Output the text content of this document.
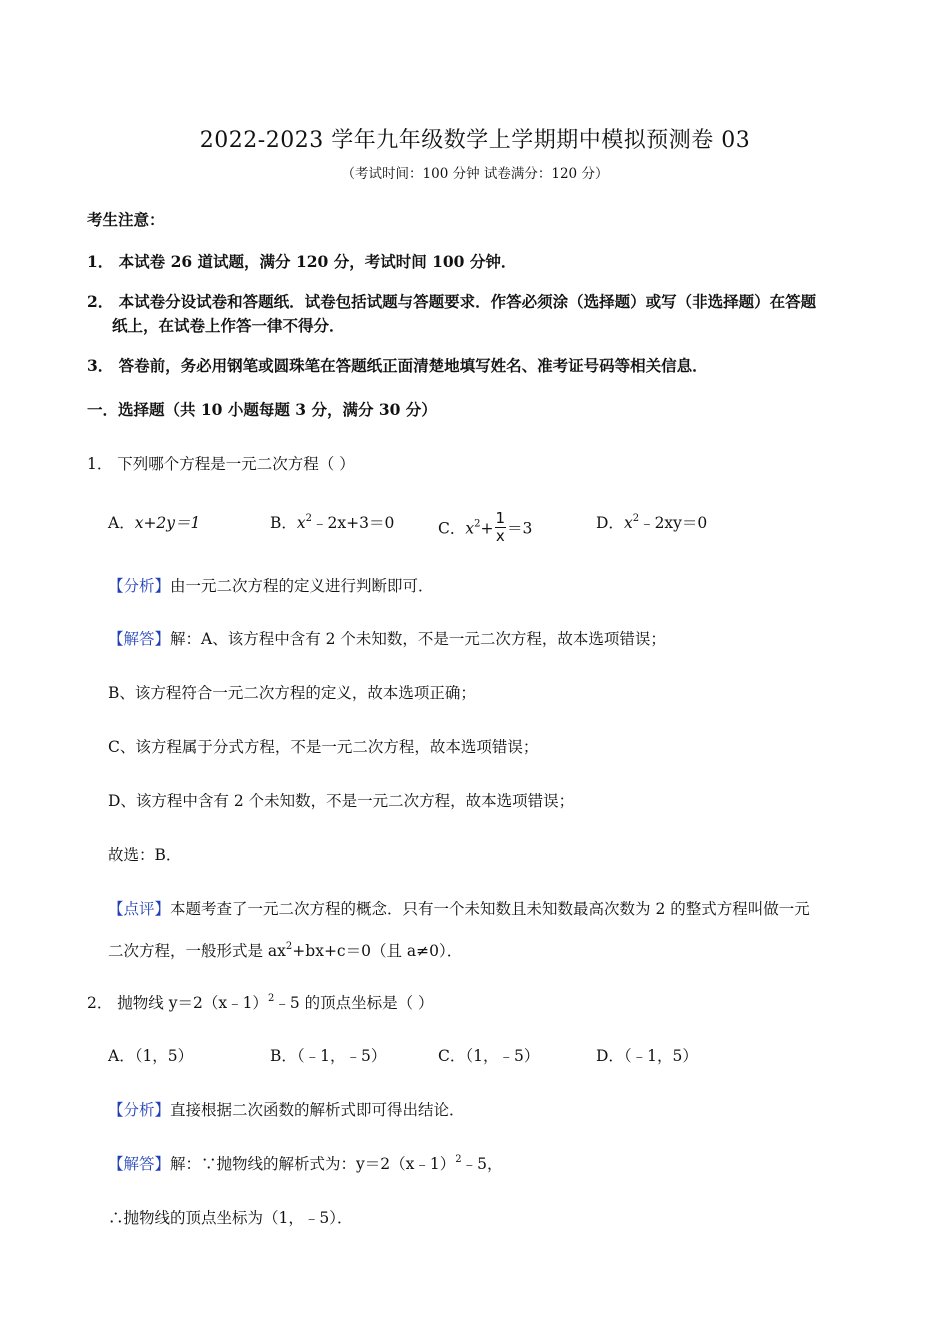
2022-2023 学年九年级数学上学期期中模拟预测卷 03
（考试时间：100 分钟 试卷满分：120 分）
考生注意：
1． 本试卷 26 道试题，满分 120 分，考试时间 100 分钟．
2． 本试卷分设试卷和答题纸．试卷包括试题与答题要求．作答必须涂（选择题）或写（非选择题）在答题
纸上，在试卷上作答一律不得分．
3． 答卷前，务必用钢笔或圆珠笔在答题纸正面清楚地填写姓名、准考证号码等相关信息．
一．选择题（共 10 小题每题 3 分，满分 30 分）
1． 下列哪个方程是一元二次方程（ ）
A．x+2y＝1	B．$x^2﹣2x+3=0$	C．$x^2+ \frac{1}{x} =3$	D．$x^2﹣2xy=0$
【分析】由一元二次方程的定义进行判断即可．
【解答】解：A、该方程中含有 2 个未知数，不是一元二次方程，故本选项错误；
B、该方程符合一元二次方程的定义，故本选项正确；
C、该方程属于分式方程，不是一元二次方程，故本选项错误；
D、该方程中含有 2 个未知数，不是一元二次方程，故本选项错误；
故选：B．
【点评】本题考查了一元二次方程的概念．只有一个未知数且未知数最高次数为 2 的整式方程叫做一元
二次方程，一般形式是 $ax^2+bx+c=0$（且 a≠0）．
2． 抛物线 y＝2（x﹣1）$^2$﹣5 的顶点坐标是（ ）
A．（1，5）	B．（﹣1，﹣5）	C．（1，﹣5）	D．（﹣1，5）
【分析】直接根据二次函数的解析式即可得出结论．
【解答】解：∵抛物线的解析式为：y＝2（x﹣1）$^2$﹣5，
∴抛物线的顶点坐标为（1，﹣5）．
